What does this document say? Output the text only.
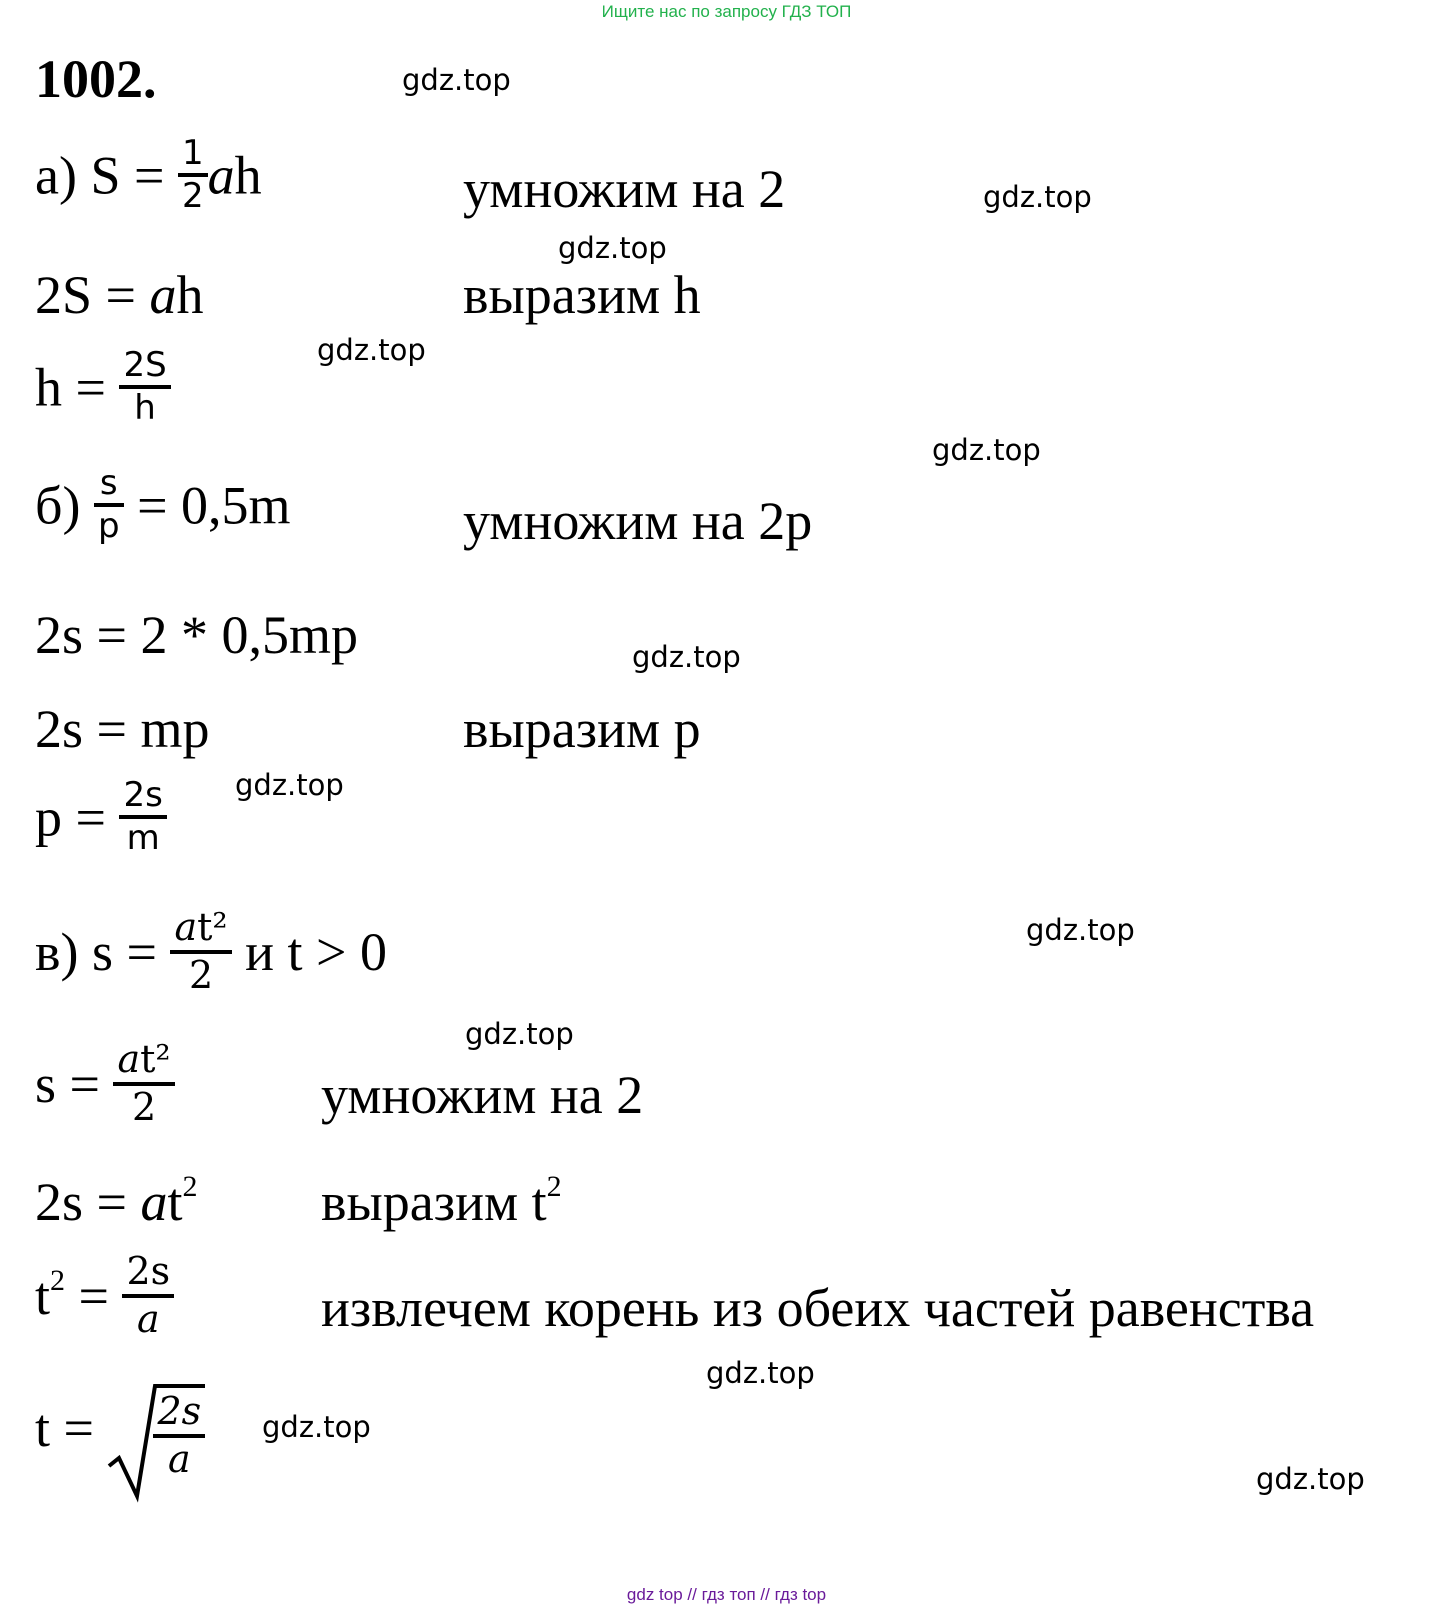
Ищите нас по запросу ГДЗ ТОП
1002.	gdz.top
gdz.top
gdz.top
gdz.top
gdz.top
gdz.top
gdz.top
gdz.top
gdz.top
gdz.top
gdz.top
gdz.top
а) $S = \frac{1}{2}$ ah	умножим на 2
2S = ah	выразим h
$h = \frac{2S}{h}$
$б) \frac{s}{p} = 0,5m$	умножим на 2p
2s = 2 * 0,5mp
2s = mp	выразим p
$p = \frac{2s}{m}$
в) $s = \frac{\text{at²}}{2}$ и t > 0
$s = \frac{\text{at²}}{2}$	умножим на 2
$2s = at^2$ выразим $t^2$
$t^2 = \frac{2s}{a}$	извлечем корень из обеих частей равенства
$t = \frac{2s}{a}$
gdz top // гдз топ // гдз top
